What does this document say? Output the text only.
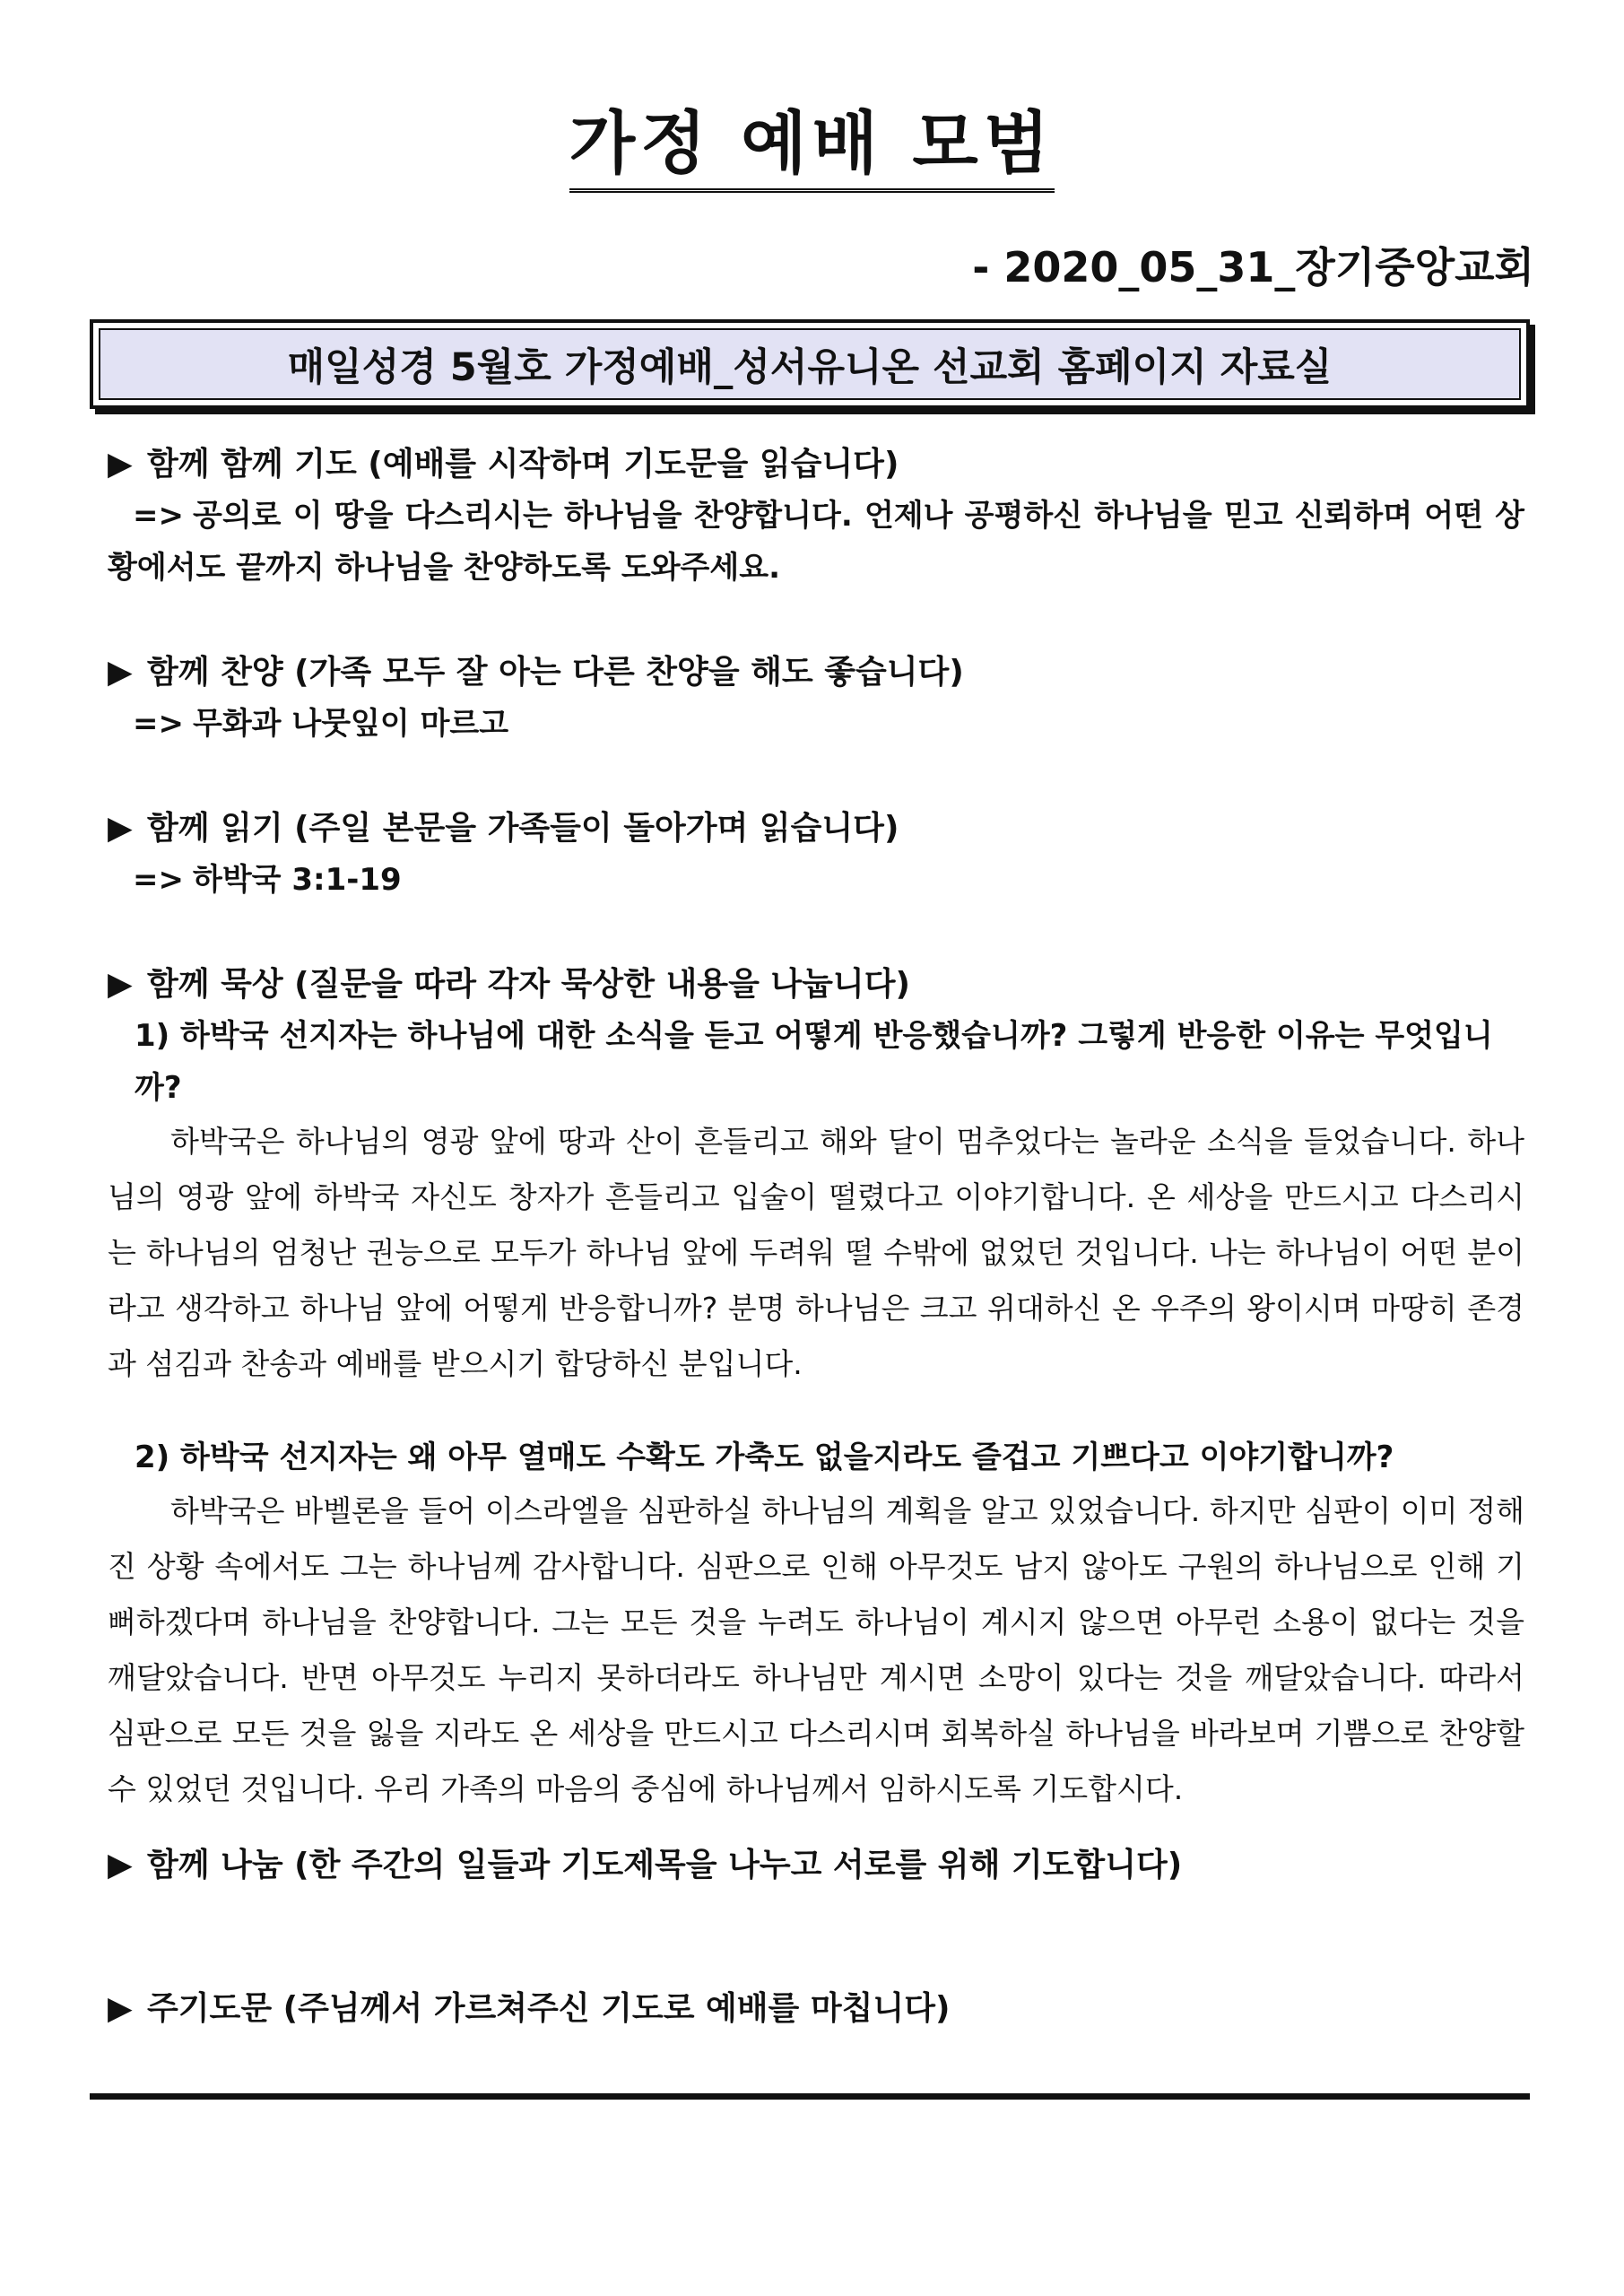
가정 예배 모범
- 2020_05_31_장기중앙교회
매일성경 5월호 가정예배_성서유니온 선교회 홈페이지 자료실
▶ 함께 함께 기도 (예배를 시작하며 기도문을 읽습니다)
=> 공의로 이 땅을 다스리시는 하나님을 찬양합니다. 언제나 공평하신 하나님을 믿고 신뢰하며 어떤 상황에서도 끝까지 하나님을 찬양하도록 도와주세요.
▶ 함께 찬양 (가족 모두 잘 아는 다른 찬양을 해도 좋습니다)
=> 무화과 나뭇잎이 마르고
▶ 함께 읽기 (주일 본문을 가족들이 돌아가며 읽습니다)
=> 하박국 3:1-19
▶ 함께 묵상 (질문을 따라 각자 묵상한 내용을 나눕니다)
1) 하박국 선지자는 하나님에 대한 소식을 듣고 어떻게 반응했습니까? 그렇게 반응한 이유는 무엇입니까?
하박국은 하나님의 영광 앞에 땅과 산이 흔들리고 해와 달이 멈추었다는 놀라운 소식을 들었습니다. 하나님의 영광 앞에 하박국 자신도 창자가 흔들리고 입술이 떨렸다고 이야기합니다. 온 세상을 만드시고 다스리시는 하나님의 엄청난 권능으로 모두가 하나님 앞에 두려워 떨 수밖에 없었던 것입니다. 나는 하나님이 어떤 분이라고 생각하고 하나님 앞에 어떻게 반응합니까? 분명 하나님은 크고 위대하신 온 우주의 왕이시며 마땅히 존경과 섬김과 찬송과 예배를 받으시기 합당하신 분입니다.
2) 하박국 선지자는 왜 아무 열매도 수확도 가축도 없을지라도 즐겁고 기쁘다고 이야기합니까?
하박국은 바벨론을 들어 이스라엘을 심판하실 하나님의 계획을 알고 있었습니다. 하지만 심판이 이미 정해진 상황 속에서도 그는 하나님께 감사합니다. 심판으로 인해 아무것도 남지 않아도 구원의 하나님으로 인해 기뻐하겠다며 하나님을 찬양합니다. 그는 모든 것을 누려도 하나님이 계시지 않으면 아무런 소용이 없다는 것을 깨달았습니다. 반면 아무것도 누리지 못하더라도 하나님만 계시면 소망이 있다는 것을 깨달았습니다. 따라서 심판으로 모든 것을 잃을 지라도 온 세상을 만드시고 다스리시며 회복하실 하나님을 바라보며 기쁨으로 찬양할 수 있었던 것입니다. 우리 가족의 마음의 중심에 하나님께서 임하시도록 기도합시다.
▶ 함께 나눔 (한 주간의 일들과 기도제목을 나누고 서로를 위해 기도합니다)
▶ 주기도문 (주님께서 가르쳐주신 기도로 예배를 마칩니다)
